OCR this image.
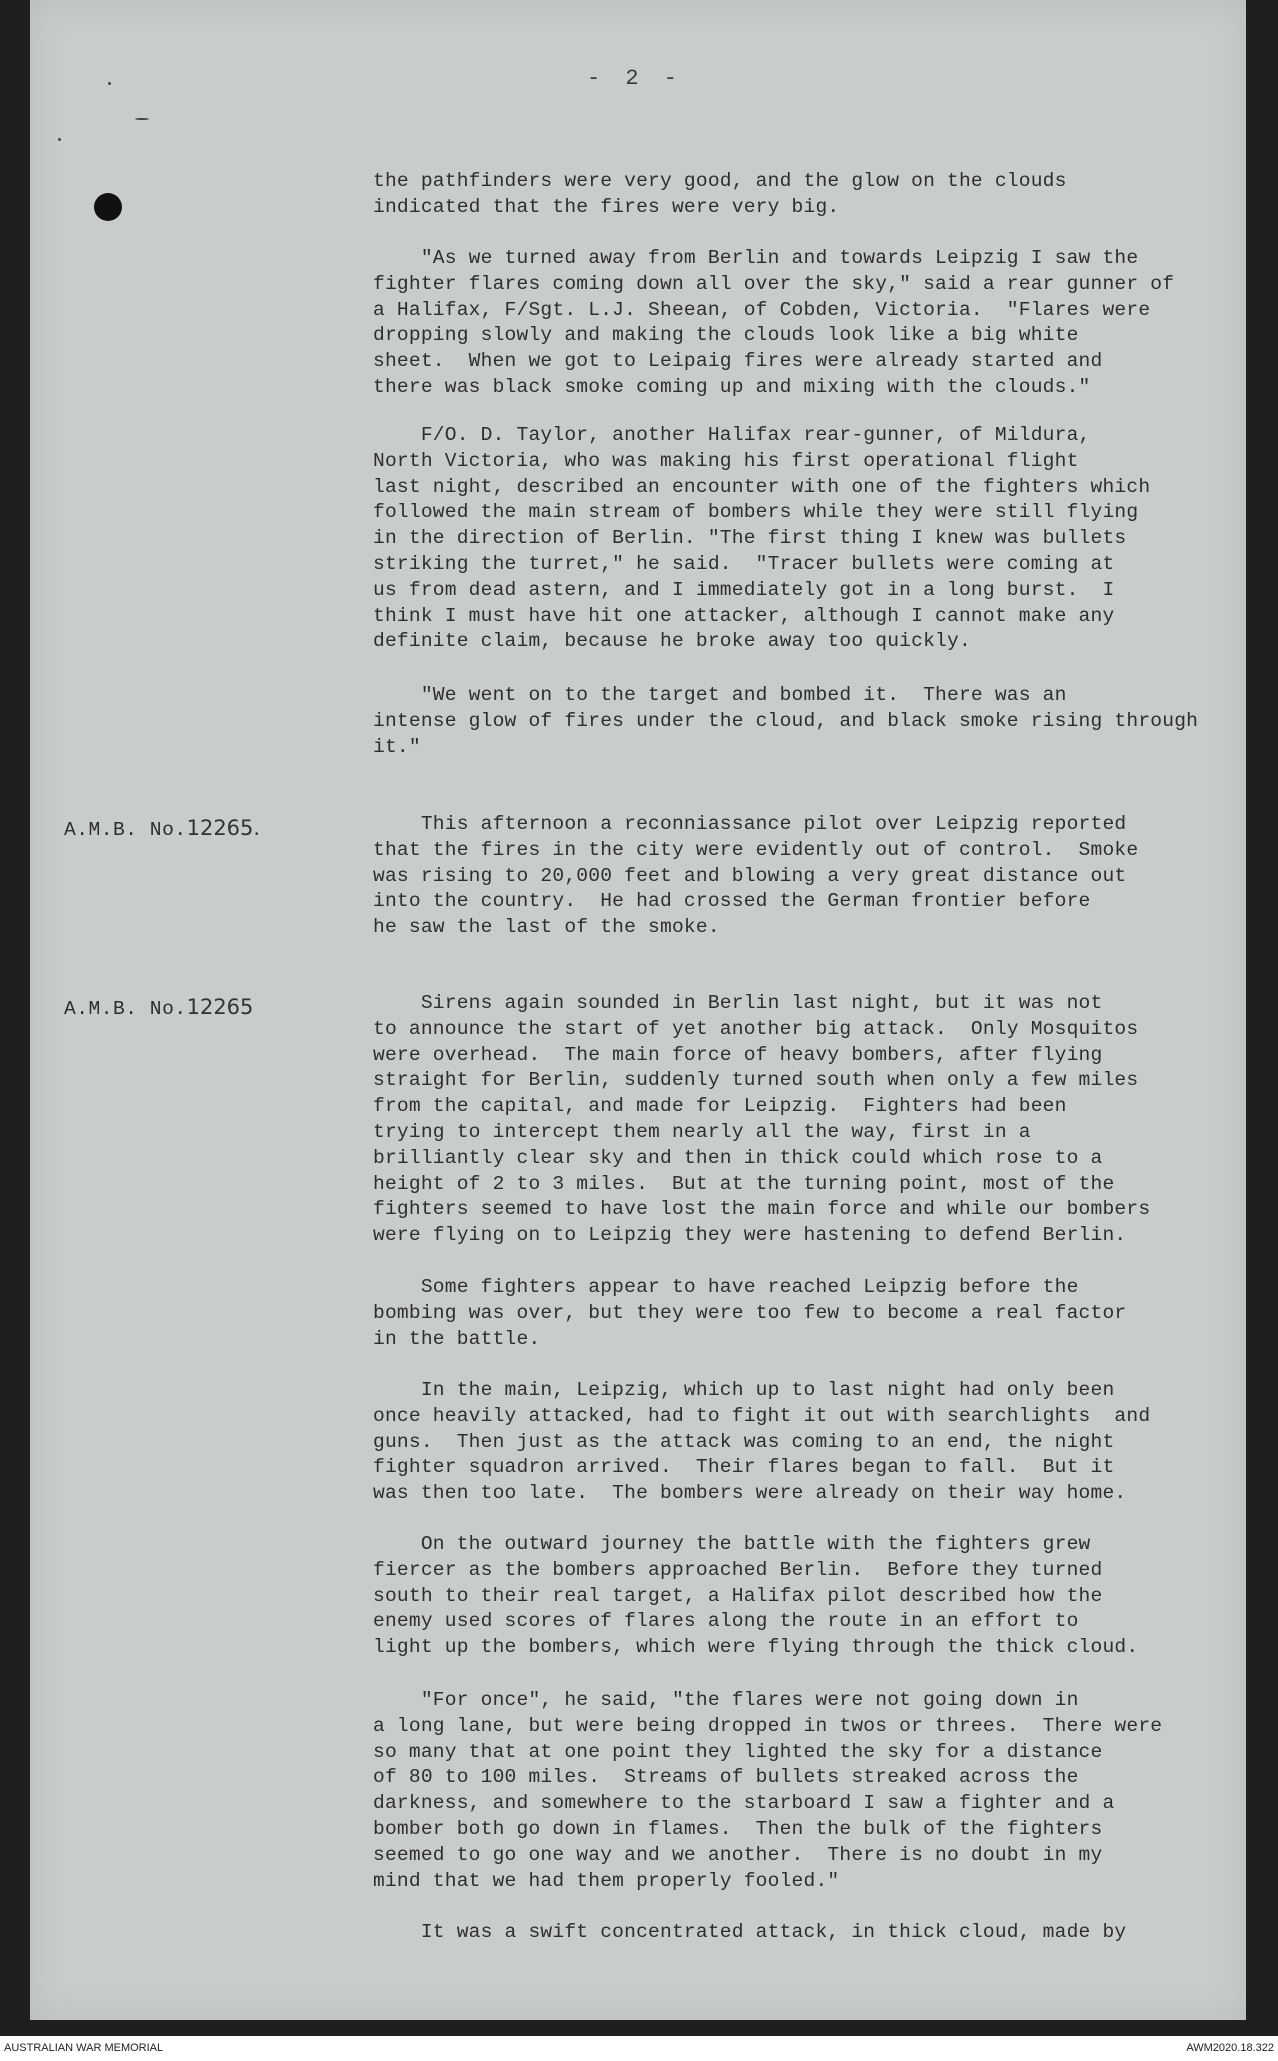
- 2 -
the pathfinders were very good, and the glow on the clouds
indicated that the fires were very big.
"As we turned away from Berlin and towards Leipzig I saw the
fighter flares coming down all over the sky," said a rear gunner of
a Halifax, F/Sgt. L.J. Sheean, of Cobden, Victoria.  "Flares were
dropping slowly and making the clouds look like a big white
sheet.  When we got to Leipaig fires were already started and
there was black smoke coming up and mixing with the clouds."
F/O. D. Taylor, another Halifax rear-gunner, of Mildura,
North Victoria, who was making his first operational flight
last night, described an encounter with one of the fighters which
followed the main stream of bombers while they were still flying
in the direction of Berlin. "The first thing I knew was bullets
striking the turret," he said.  "Tracer bullets were coming at
us from dead astern, and I immediately got in a long burst.  I
think I must have hit one attacker, although I cannot make any
definite claim, because he broke away too quickly.
"We went on to the target and bombed it.  There was an
intense glow of fires under the cloud, and black smoke rising through
it."
A.M.B. No.12265.	This afternoon a reconniassance pilot over Leipzig reported
that the fires in the city were evidently out of control.  Smoke
was rising to 20,000 feet and blowing a very great distance out
into the country.  He had crossed the German frontier before
he saw the last of the smoke.
A.M.B. No.12265	Sirens again sounded in Berlin last night, but it was not
to announce the start of yet another big attack.  Only Mosquitos
were overhead.  The main force of heavy bombers, after flying
straight for Berlin, suddenly turned south when only a few miles
from the capital, and made for Leipzig.  Fighters had been
trying to intercept them nearly all the way, first in a
brilliantly clear sky and then in thick could which rose to a
height of 2 to 3 miles.  But at the turning point, most of the
fighters seemed to have lost the main force and while our bombers
were flying on to Leipzig they were hastening to defend Berlin.
Some fighters appear to have reached Leipzig before the
bombing was over, but they were too few to become a real factor
in the battle.
In the main, Leipzig, which up to last night had only been
once heavily attacked, had to fight it out with searchlights  and
guns.  Then just as the attack was coming to an end, the night
fighter squadron arrived.  Their flares began to fall.  But it
was then too late.  The bombers were already on their way home.
On the outward journey the battle with the fighters grew
fiercer as the bombers approached Berlin.  Before they turned
south to their real target, a Halifax pilot described how the
enemy used scores of flares along the route in an effort to
light up the bombers, which were flying through the thick cloud.
"For once", he said, "the flares were not going down in
a long lane, but were being dropped in twos or threes.  There were
so many that at one point they lighted the sky for a distance
of 80 to 100 miles.  Streams of bullets streaked across the
darkness, and somewhere to the starboard I saw a fighter and a
bomber both go down in flames.  Then the bulk of the fighters
seemed to go one way and we another.  There is no doubt in my
mind that we had them properly fooled."
It was a swift concentrated attack, in thick cloud, made by
AUSTRALIAN WAR MEMORIAL	AWM2020.18.322
